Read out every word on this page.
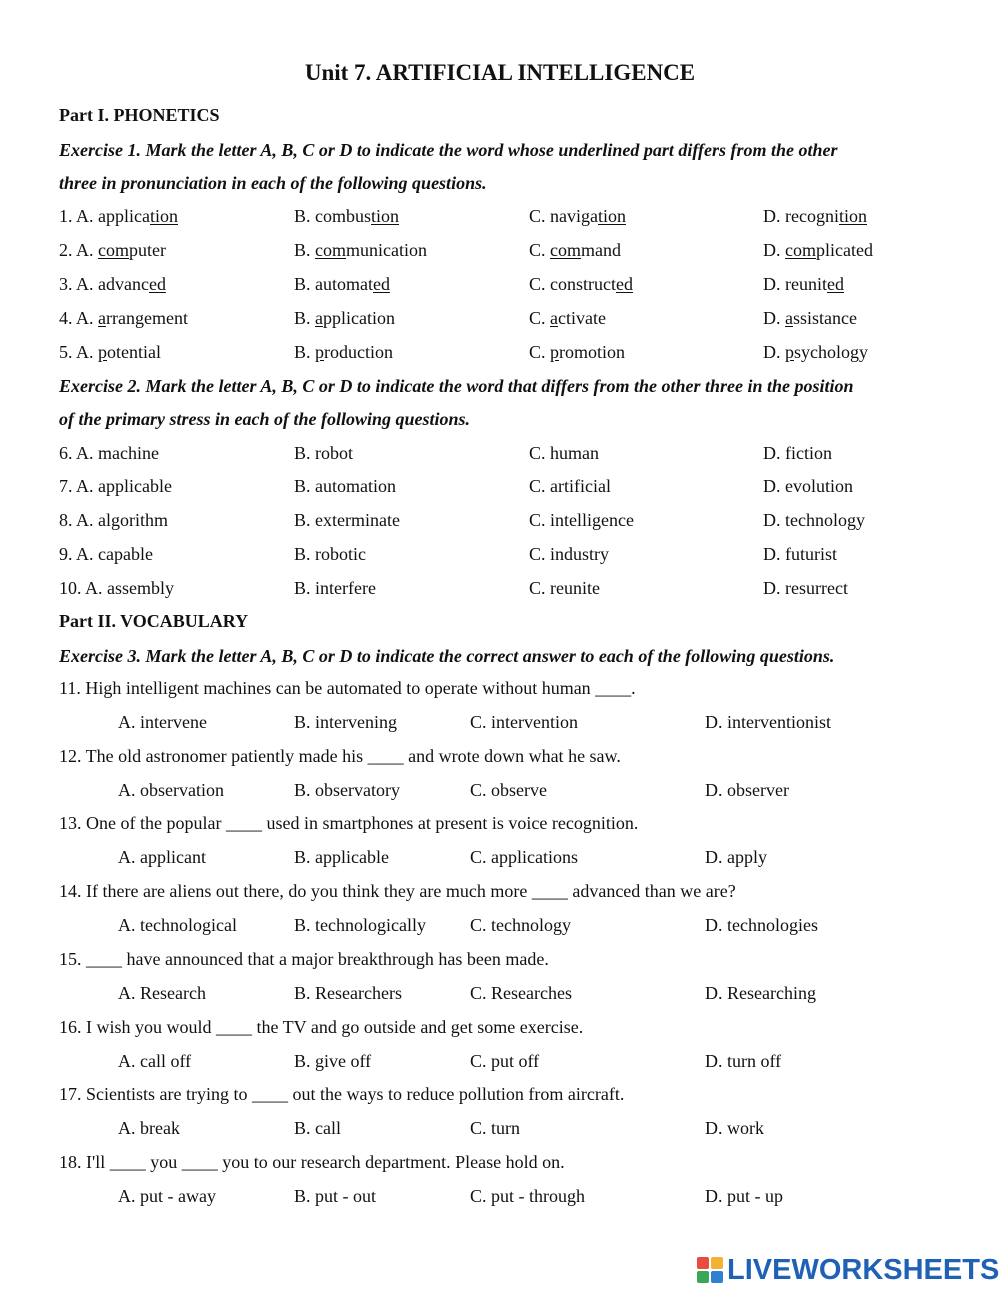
Unit 7. ARTIFICIAL INTELLIGENCE
Part I. PHONETICS
Exercise 1. Mark the letter A, B, C or D to indicate the word whose underlined part differs from the other
three in pronunciation in each of the following questions.
1. A. application	B. combustion	C. navigation	D. recognition
2. A. computer	B. communication	C. command	D. complicated
3. A. advanced	B. automated	C. constructed	D. reunited
4. A. arrangement	B. application	C. activate	D. assistance
5. A. potential	B. production	C. promotion	D. psychology
Exercise 2. Mark the letter A, B, C or D to indicate the word that differs from the other three in the position
of the primary stress in each of the following questions.
6. A. machine	B. robot	C. human	D. fiction
7. A. applicable	B. automation	C. artificial	D. evolution
8. A. algorithm	B. exterminate	C. intelligence	D. technology
9. A. capable	B. robotic	C. industry	D. futurist
10. A. assembly	B. interfere	C. reunite	D. resurrect
Part II. VOCABULARY
Exercise 3. Mark the letter A, B, C or D to indicate the correct answer to each of the following questions.
11. High intelligent machines can be automated to operate without human ____.
A. intervene	B. intervening	C. intervention	D. interventionist
12. The old astronomer patiently made his ____ and wrote down what he saw.
A. observation	B. observatory	C. observe	D. observer
13. One of the popular ____ used in smartphones at present is voice recognition.
A. applicant	B. applicable	C. applications	D. apply
14. If there are aliens out there, do you think they are much more ____ advanced than we are?
A. technological	B. technologically C. technology	D. technologies
15. ____ have announced that a major breakthrough has been made.
A. Research	B. Researchers	C. Researches	D. Researching
16. I wish you would ____ the TV and go outside and get some exercise.
A. call off	B. give off	C. put off	D. turn off
17. Scientists are trying to ____ out the ways to reduce pollution from aircraft.
A. break	B. call	C. turn	D. work
18. I'll ____ you ____ you to our research department. Please hold on.
A. put - away	B. put - out	C. put - through	D. put - up
LIVEWORKSHEETS
